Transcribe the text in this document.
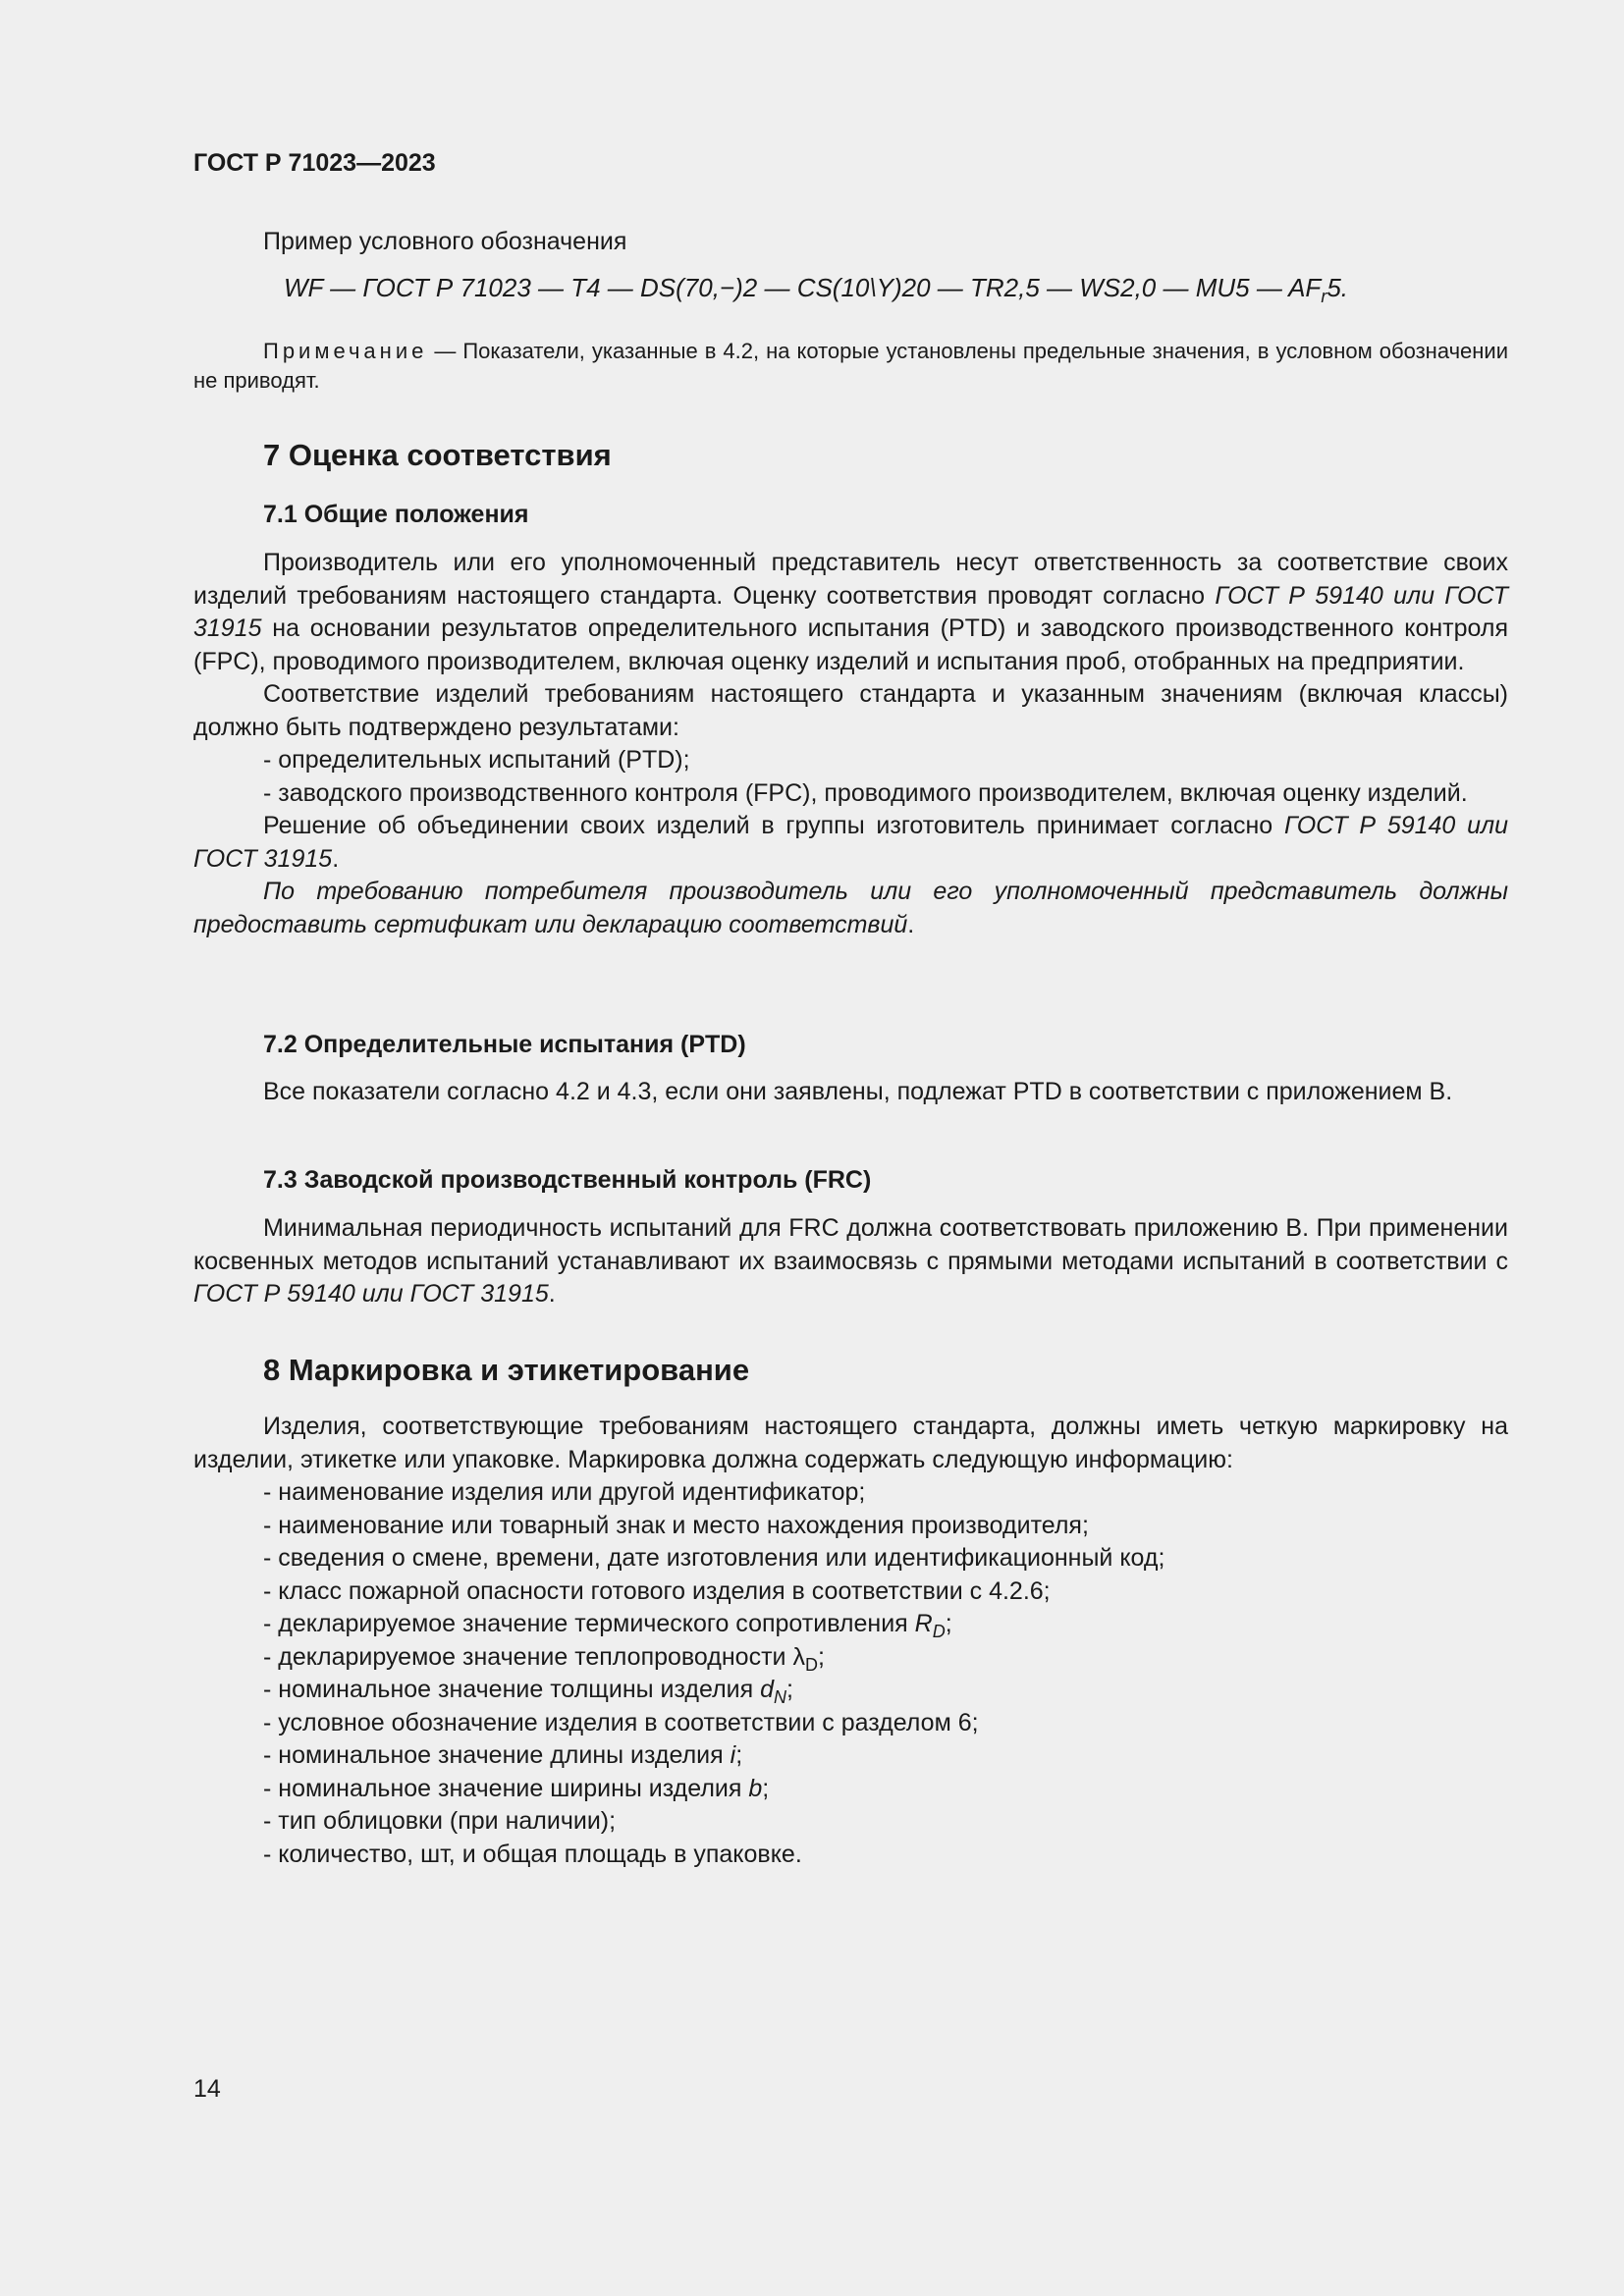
ГОСТ Р 71023—2023

Пример условного обозначения

WF — ГОСТ Р 71023 — T4 — DS(70,−)2 — CS(10\Y)20 — TR2,5 — WS2,0 — MU5 — $AF_r5$.

Примечание — Показатели, указанные в 4.2, на которые установлены предельные значения, в условном обозначении не приводят.

7 Оценка соответствия

7.1 Общие положения

Производитель или его уполномоченный представитель несут ответственность за соответствие своих изделий требованиям настоящего стандарта. Оценку соответствия проводят согласно ГОСТ Р 59140 или ГОСТ 31915 на основании результатов определительного испытания (PTD) и заводского производственного контроля (FPC), проводимого производителем, включая оценку изделий и испытания проб, отобранных на предприятии.

Соответствие изделий требованиям настоящего стандарта и указанным значениям (включая классы) должно быть подтверждено результатами:

- определительных испытаний (PTD);

- заводского производственного контроля (FPC), проводимого производителем, включая оценку изделий.

Решение об объединении своих изделий в группы изготовитель принимает согласно ГОСТ Р 59140 или ГОСТ 31915.

По требованию потребителя производитель или его уполномоченный представитель должны предоставить сертификат или декларацию соответствий.

7.2 Определительные испытания (PTD)

Все показатели согласно 4.2 и 4.3, если они заявлены, подлежат PTD в соответствии с приложением B.

7.3 Заводской производственный контроль (FRC)

Минимальная периодичность испытаний для FRC должна соответствовать приложению B. При применении косвенных методов испытаний устанавливают их взаимосвязь с прямыми методами испытаний в соответствии с ГОСТ Р 59140 или ГОСТ 31915.

8 Маркировка и этикетирование

Изделия, соответствующие требованиям настоящего стандарта, должны иметь четкую маркировку на изделии, этикетке или упаковке. Маркировка должна содержать следующую информацию:

- наименование изделия или другой идентификатор;

- наименование или товарный знак и место нахождения производителя;

- сведения о смене, времени, дате изготовления или идентификационный код;

- класс пожарной опасности готового изделия в соответствии с 4.2.6;

- декларируемое значение термического сопротивления $R_D$;

- декларируемое значение теплопроводности $\lambda_D$;

- номинальное значение толщины изделия $d_N$;

- условное обозначение изделия в соответствии с разделом 6;

- номинальное значение длины изделия i;

- номинальное значение ширины изделия b;

- тип облицовки (при наличии);

- количество, шт, и общая площадь в упаковке.

14
